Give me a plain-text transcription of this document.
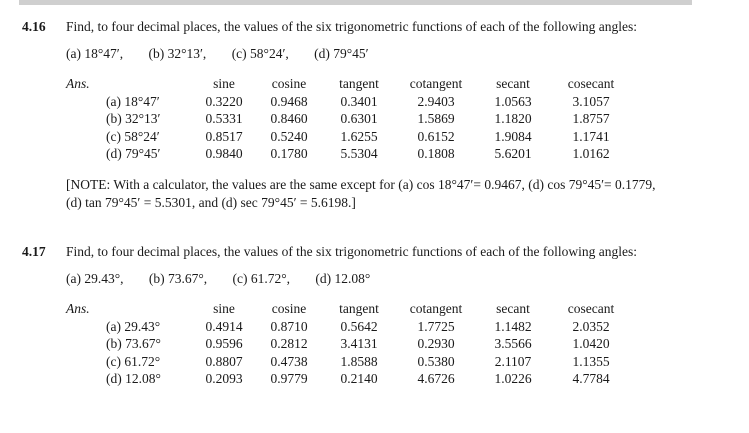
4.16 Find, to four decimal places, the values of the six trigonometric functions of each of the following angles:
(a) 18°47′, (b) 32°13′, (c) 58°24′, (d) 79°45′
Ans.
		sine	cosine	tangent	cotangent	secant	cosecant
(a) 18°47′	0.3220	0.9468	0.3401	2.9403	1.0563	3.1057
(b) 32°13′	0.5331	0.8460	0.6301	1.5869	1.1820	1.8757
(c) 58°24′	0.8517	0.5240	1.6255	0.6152	1.9084	1.1741
(d) 79°45′	0.9840	0.1780	5.5304	0.1808	5.6201	1.0162
[NOTE: With a calculator, the values are the same except for (a) cos 18°47′= 0.9467, (d) cos 79°45′= 0.1779,
(d) tan 79°45′ = 5.5301, and (d) sec 79°45′ = 5.6198.]
4.17 Find, to four decimal places, the values of the six trigonometric functions of each of the following angles:
(a) 29.43°, (b) 73.67°, (c) 61.72°, (d) 12.08°
Ans.
		sine	cosine	tangent	cotangent	secant	cosecant
(a) 29.43°	0.4914	0.8710	0.5642	1.7725	1.1482	2.0352
(b) 73.67°	0.9596	0.2812	3.4131	0.2930	3.5566	1.0420
(c) 61.72°	0.8807	0.4738	1.8588	0.5380	2.1107	1.1355
(d) 12.08°	0.2093	0.9779	0.2140	4.6726	1.0226	4.7784
